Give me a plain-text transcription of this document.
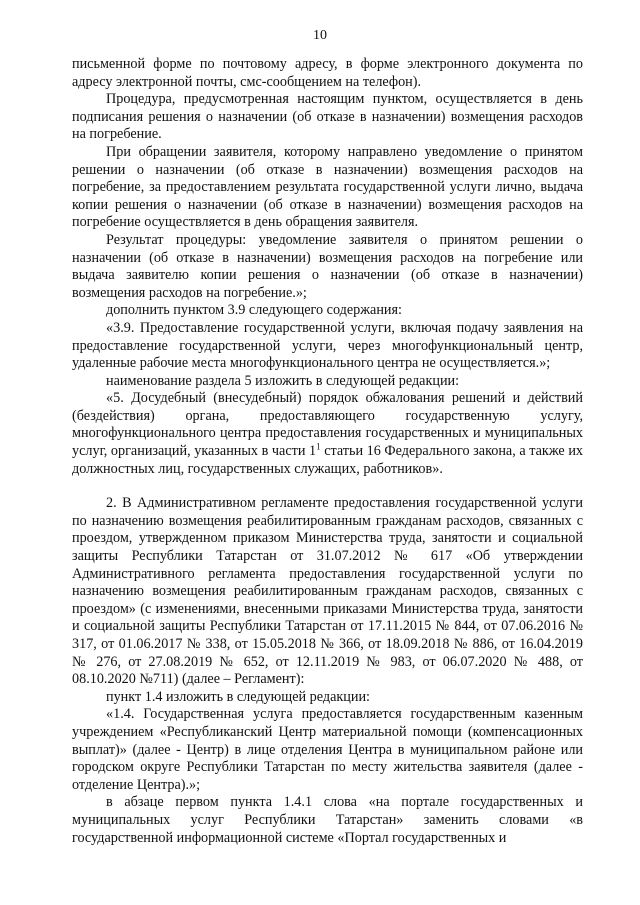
10

письменной форме по почтовому адресу, в форме электронного документа по адресу электронной почты, смс-сообщением на телефон).

Процедура, предусмотренная настоящим пунктом, осуществляется в день подписания решения о назначении (об отказе в назначении) возмещения расходов на погребение.

При обращении заявителя, которому направлено уведомление о принятом решении о назначении (об отказе в назначении) возмещения расходов на погребение, за предоставлением результата государственной услуги лично, выдача копии решения о назначении (об отказе в назначении) возмещения расходов на погребение осуществляется в день обращения заявителя.

Результат процедуры: уведомление заявителя о принятом решении о назначении (об отказе в назначении) возмещения расходов на погребение или выдача заявителю копии решения о назначении (об отказе в назначении) возмещения расходов на погребение.»;

дополнить пунктом 3.9 следующего содержания:

«3.9. Предоставление государственной услуги, включая подачу заявления на предоставление государственной услуги, через многофункциональный центр, удаленные рабочие места многофункционального центра не осуществляется.»;

наименование раздела 5 изложить в следующей редакции:

«5. Досудебный (внесудебный) порядок обжалования решений и действий (бездействия) органа, предоставляющего государственную услугу, многофункционального центра предоставления государственных и муниципальных услуг, организаций, указанных в части $1^1$ статьи 16 Федерального закона, а также их должностных лиц, государственных служащих, работников».

2. В Административном регламенте предоставления государственной услуги по назначению возмещения реабилитированным гражданам расходов, связанных с проездом, утвержденном приказом Министерства труда, занятости и социальной защиты Республики Татарстан от 31.07.2012 № 617 «Об утверждении Административного регламента предоставления государственной услуги по назначению возмещения реабилитированным гражданам расходов, связанных с проездом» (с изменениями, внесенными приказами Министерства труда, занятости и социальной защиты Республики Татарстан от 17.11.2015 № 844, от 07.06.2016 № 317, от 01.06.2017 № 338, от 15.05.2018 № 366, от 18.09.2018 № 886, от 16.04.2019 № 276, от 27.08.2019 № 652, от 12.11.2019 № 983, от 06.07.2020 № 488, от 08.10.2020 №711) (далее – Регламент):

пункт 1.4 изложить в следующей редакции:

«1.4. Государственная услуга предоставляется государственным казенным учреждением «Республиканский Центр материальной помощи (компенсационных выплат)» (далее - Центр) в лице отделения Центра в муниципальном районе или городском округе Республики Татарстан по месту жительства заявителя (далее - отделение Центра).»;

в абзаце первом пункта 1.4.1 слова «на портале государственных и муниципальных услуг Республики Татарстан» заменить словами «в государственной информационной системе «Портал государственных и
